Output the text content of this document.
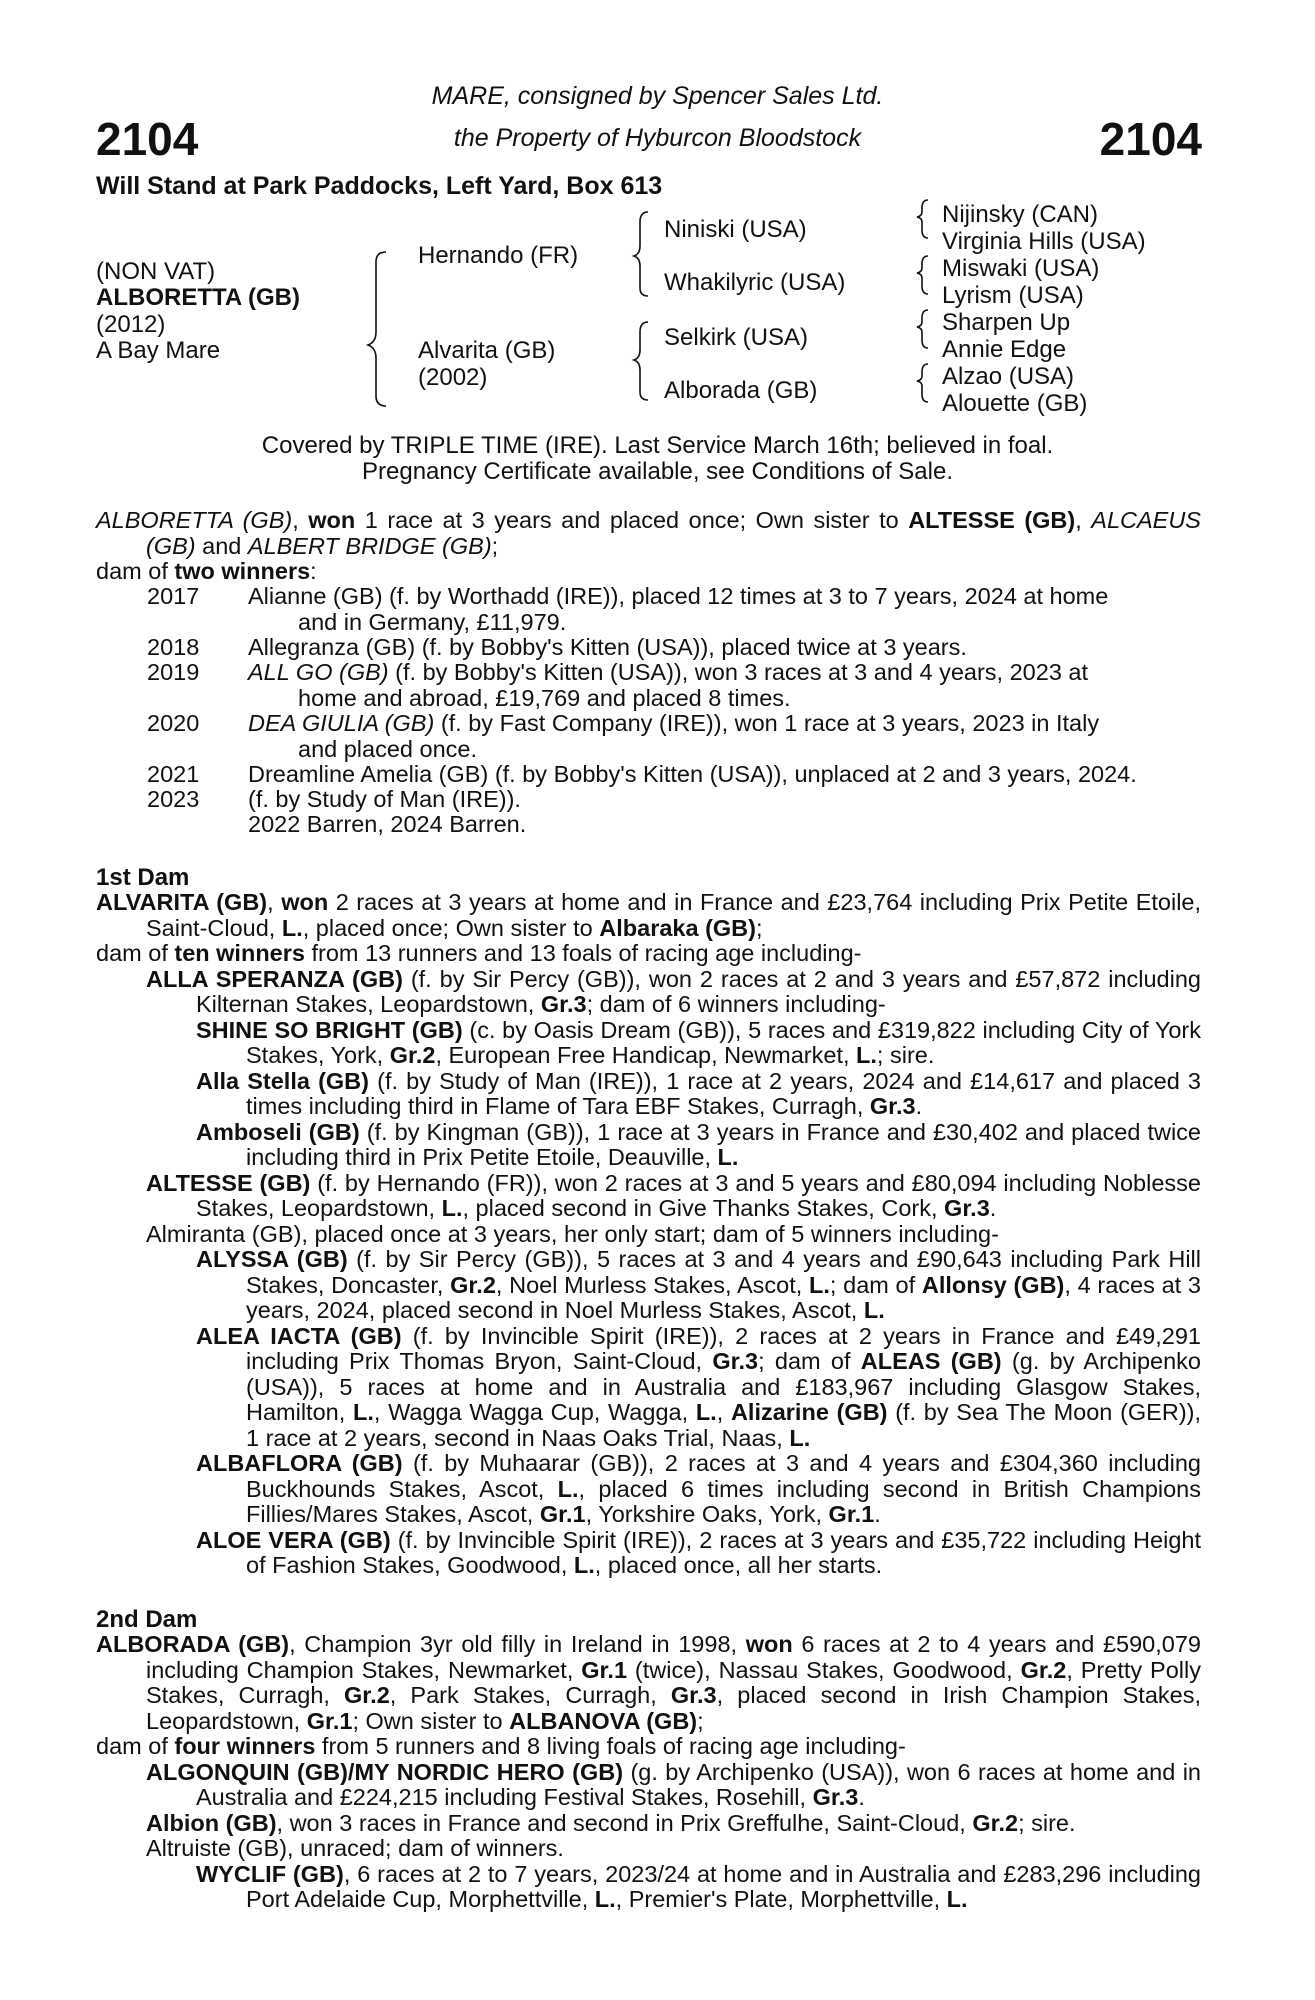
2104	2104
MARE, consigned by Spencer Sales Ltd.
the Property of Hyburcon Bloodstock
Will Stand at Park Paddocks, Left Yard, Box 613
(NON VAT)
ALBORETTA (GB)
(2012)
A Bay Mare
Hernando (FR)
Alvarita (GB)
(2002)
Niniski (USA)
Whakilyric (USA)
Selkirk (USA)
Alborada (GB)
Nijinsky (CAN)
Virginia Hills (USA)
Miswaki (USA)
Lyrism (USA)
Sharpen Up
Annie Edge
Alzao (USA)
Alouette (GB)
Covered by TRIPLE TIME (IRE). Last Service March 16th; believed in foal.
Pregnancy Certificate available, see Conditions of Sale.
ALBORETTA (GB), won 1 race at 3 years and placed once; Own sister to ALTESSE (GB), ALCAEUS (GB) and ALBERT BRIDGE (GB);
dam of two winners:
2017 Alianne (GB) (f. by Worthadd (IRE)), placed 12 times at 3 to 7 years, 2024 at home
and in Germany, £11,979.
2018 Allegranza (GB) (f. by Bobby's Kitten (USA)), placed twice at 3 years.
2019 ALL GO (GB) (f. by Bobby's Kitten (USA)), won 3 races at 3 and 4 years, 2023 at
home and abroad, £19,769 and placed 8 times.
2020 DEA GIULIA (GB) (f. by Fast Company (IRE)), won 1 race at 3 years, 2023 in Italy
and placed once.
2021 Dreamline Amelia (GB) (f. by Bobby's Kitten (USA)), unplaced at 2 and 3 years, 2024.
2023 (f. by Study of Man (IRE)).
2022 Barren, 2024 Barren.
1st Dam
ALVARITA (GB), won 2 races at 3 years at home and in France and £23,764 including Prix Petite Etoile, Saint-Cloud, L., placed once; Own sister to Albaraka (GB);
dam of ten winners from 13 runners and 13 foals of racing age including-
ALLA SPERANZA (GB) (f. by Sir Percy (GB)), won 2 races at 2 and 3 years and £57,872 including Kilternan Stakes, Leopardstown, Gr.3; dam of 6 winners including-
SHINE SO BRIGHT (GB) (c. by Oasis Dream (GB)), 5 races and £319,822 including City of York Stakes, York, Gr.2, European Free Handicap, Newmarket, L.; sire.
Alla Stella (GB) (f. by Study of Man (IRE)), 1 race at 2 years, 2024 and £14,617 and placed 3 times including third in Flame of Tara EBF Stakes, Curragh, Gr.3.
Amboseli (GB) (f. by Kingman (GB)), 1 race at 3 years in France and £30,402 and placed twice including third in Prix Petite Etoile, Deauville, L.
ALTESSE (GB) (f. by Hernando (FR)), won 2 races at 3 and 5 years and £80,094 including Noblesse Stakes, Leopardstown, L., placed second in Give Thanks Stakes, Cork, Gr.3.
Almiranta (GB), placed once at 3 years, her only start; dam of 5 winners including-
ALYSSA (GB) (f. by Sir Percy (GB)), 5 races at 3 and 4 years and £90,643 including Park Hill Stakes, Doncaster, Gr.2, Noel Murless Stakes, Ascot, L.; dam of Allonsy (GB), 4 races at 3 years, 2024, placed second in Noel Murless Stakes, Ascot, L.
ALEA IACTA (GB) (f. by Invincible Spirit (IRE)), 2 races at 2 years in France and £49,291 including Prix Thomas Bryon, Saint-Cloud, Gr.3; dam of ALEAS (GB) (g. by Archipenko (USA)), 5 races at home and in Australia and £183,967 including Glasgow Stakes, Hamilton, L., Wagga Wagga Cup, Wagga, L., Alizarine (GB) (f. by Sea The Moon (GER)), 1 race at 2 years, second in Naas Oaks Trial, Naas, L.
ALBAFLORA (GB) (f. by Muhaarar (GB)), 2 races at 3 and 4 years and £304,360 including Buckhounds Stakes, Ascot, L., placed 6 times including second in British Champions Fillies/Mares Stakes, Ascot, Gr.1, Yorkshire Oaks, York, Gr.1.
ALOE VERA (GB) (f. by Invincible Spirit (IRE)), 2 races at 3 years and £35,722 including Height of Fashion Stakes, Goodwood, L., placed once, all her starts.
2nd Dam
ALBORADA (GB), Champion 3yr old filly in Ireland in 1998, won 6 races at 2 to 4 years and £590,079 including Champion Stakes, Newmarket, Gr.1 (twice), Nassau Stakes, Goodwood, Gr.2, Pretty Polly Stakes, Curragh, Gr.2, Park Stakes, Curragh, Gr.3, placed second in Irish Champion Stakes, Leopardstown, Gr.1; Own sister to ALBANOVA (GB);
dam of four winners from 5 runners and 8 living foals of racing age including-
ALGONQUIN (GB)/MY NORDIC HERO (GB) (g. by Archipenko (USA)), won 6 races at home and in Australia and £224,215 including Festival Stakes, Rosehill, Gr.3.
Albion (GB), won 3 races in France and second in Prix Greffulhe, Saint-Cloud, Gr.2; sire.
Altruiste (GB), unraced; dam of winners.
WYCLIF (GB), 6 races at 2 to 7 years, 2023/24 at home and in Australia and £283,296 including Port Adelaide Cup, Morphettville, L., Premier's Plate, Morphettville, L.
